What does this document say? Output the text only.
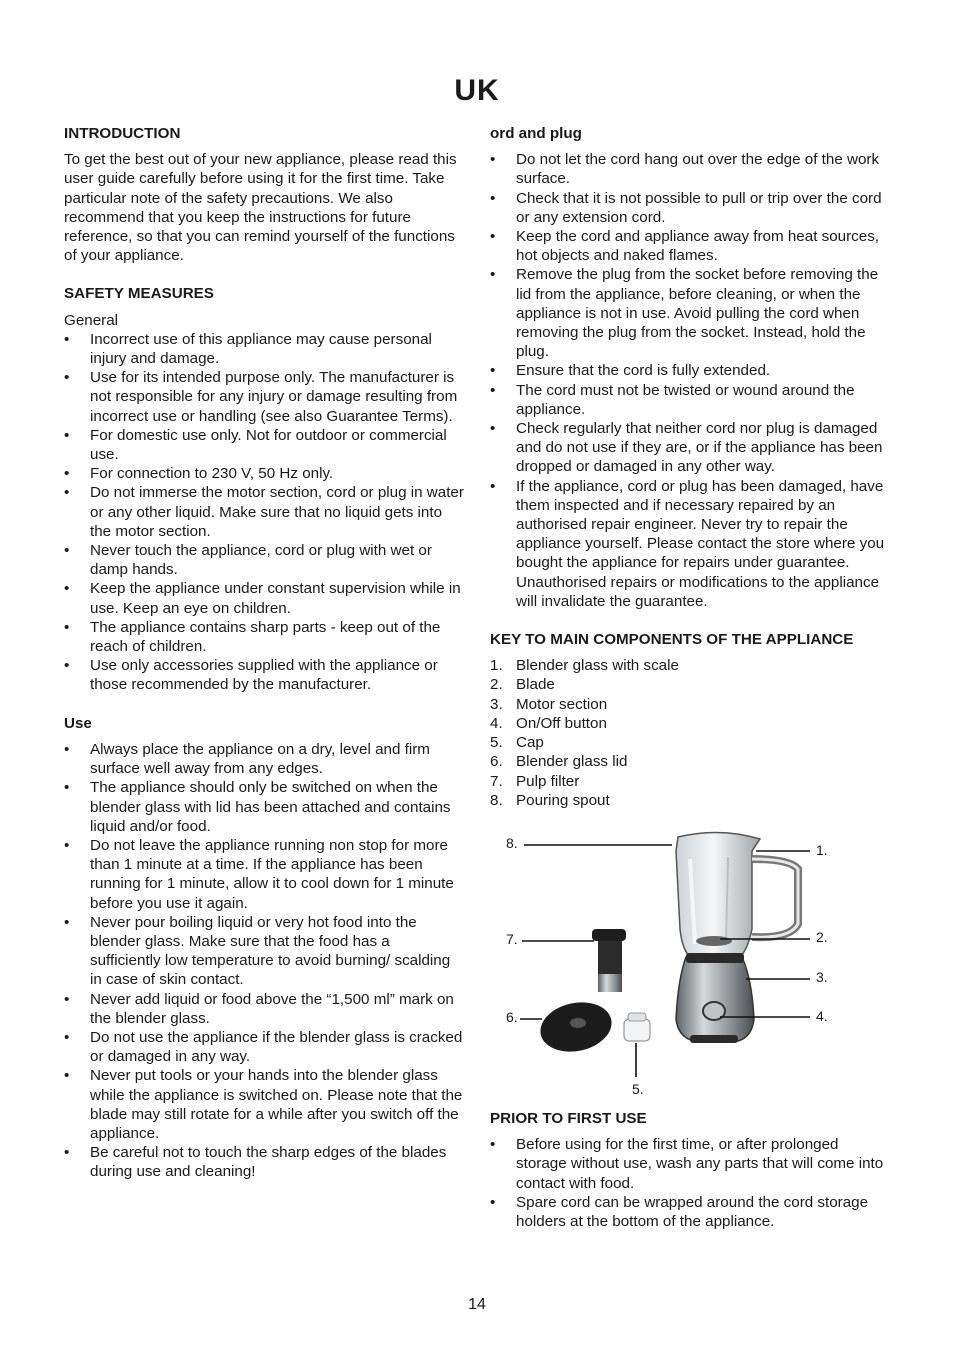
UK
INTRODUCTION

To get the best out of your new appliance, please read this user guide carefully before using it for the first time. Take particular note of the safety precautions. We also recommend that you keep the instructions for future reference, so that you can remind yourself of the functions of your appliance.

SAFETY MEASURES

General

• Incorrect use of this appliance may cause personal injury and damage.
• Use for its intended purpose only. The manufacturer is not responsible for any injury or damage resulting from incorrect use or handling (see also Guarantee Terms).
• For domestic use only. Not for outdoor or commercial use.
• For connection to 230 V, 50 Hz only.
• Do not immerse the motor section, cord or plug in water or any other liquid. Make sure that no liquid gets into the motor section.
• Never touch the appliance, cord or plug with wet or damp hands.
• Keep the appliance under constant supervision while in use. Keep an eye on children.
• The appliance contains sharp parts - keep out of the reach of children.
• Use only accessories supplied with the appliance or those recommended by the manufacturer.
Use
• Always place the appliance on a dry, level and firm surface well away from any edges.
• The appliance should only be switched on when the blender glass with lid has been attached and contains liquid and/or food.
• Do not leave the appliance running non stop for more than 1 minute at a time. If the appliance has been running for 1 minute, allow it to cool down for 1 minute before you use it again.
• Never pour boiling liquid or very hot food into the blender glass. Make sure that the food has a sufficiently low temperature to avoid burning/ scalding in case of skin contact.
• Never add liquid or food above the “1,500 ml” mark on the blender glass.
• Do not use the appliance if the blender glass is cracked or damaged in any way.
• Never put tools or your hands into the blender glass while the appliance is switched on. Please note that the blade may still rotate for a while after you switch off the appliance.
• Be careful not to touch the sharp edges of the blades during use and cleaning!
ord and plug
• Do not let the cord hang out over the edge of the work surface.
• Check that it is not possible to pull or trip over the cord or any extension cord.
• Keep the cord and appliance away from heat sources, hot objects and naked flames.
• Remove the plug from the socket before removing the lid from the appliance, before cleaning, or when the appliance is not in use. Avoid pulling the cord when removing the plug from the socket. Instead, hold the plug.
• Ensure that the cord is fully extended.
• The cord must not be twisted or wound around the appliance.
• Check regularly that neither cord nor plug is damaged and do not use if they are, or if the appliance has been dropped or damaged in any other way.
• If the appliance, cord or plug has been damaged, have them inspected and if necessary repaired by an authorised repair engineer. Never try to repair the appliance yourself. Please contact the store where you bought the appliance for repairs under guarantee. Unauthorised repairs or modifications to the appliance will invalidate the guarantee.
KEY TO MAIN COMPONENTS OF THE APPLIANCE
1. Blender glass with scale
2. Blade
3. Motor section
4. On/Off button
5. Cap
6. Blender glass lid
7. Pulp filter
8. Pouring spout
8.	1.
7.	2.
3.
6.	4.
5.
PRIOR TO FIRST USE
• Before using for the first time, or after prolonged storage without use, wash any parts that will come into contact with food.
• Spare cord can be wrapped around the cord storage holders at the bottom of the appliance.
14
